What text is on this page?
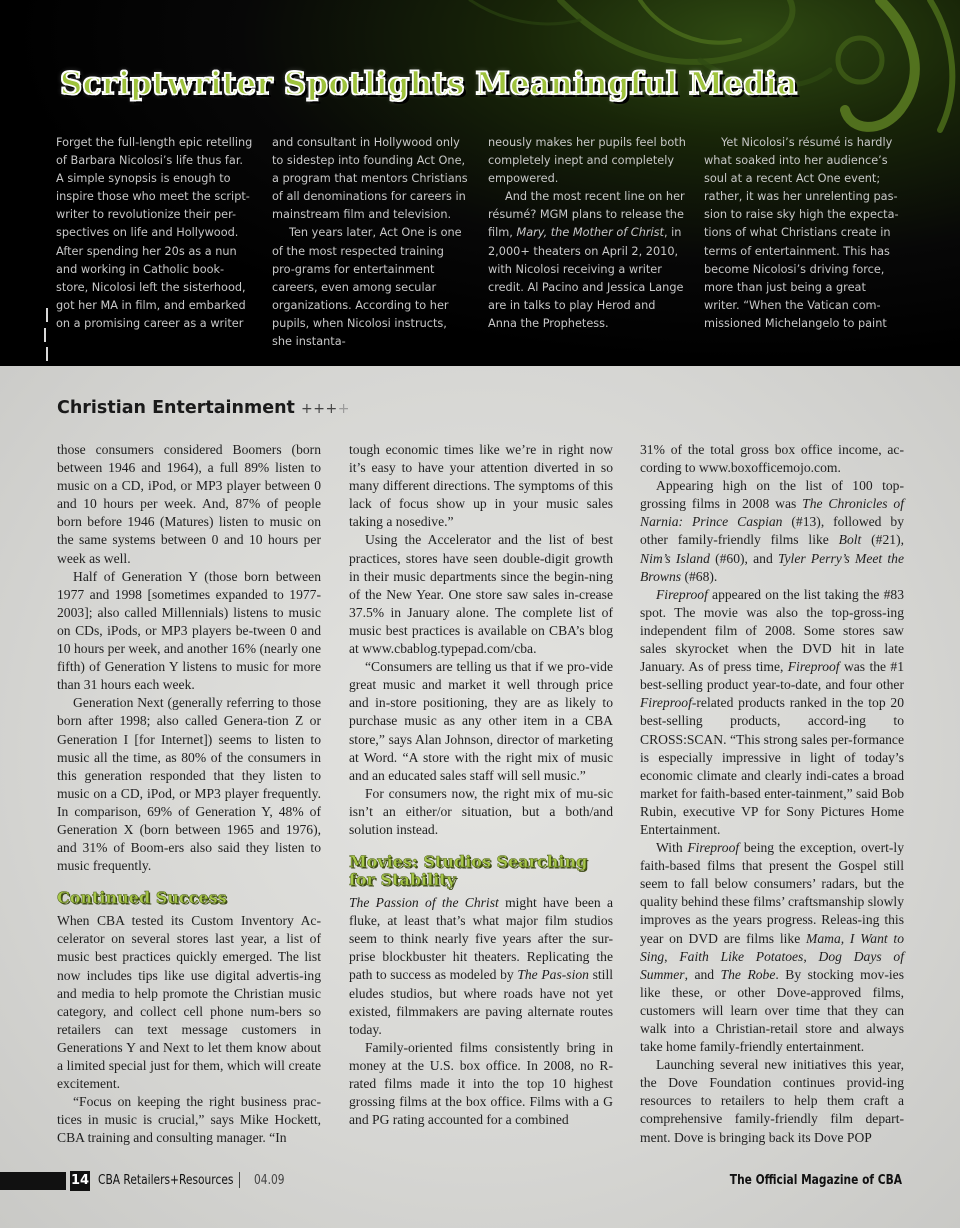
Scriptwriter Spotlights Meaningful Media

Forget the full-length epic retelling of Barbara Nicolosi’s life thus far. A simple synopsis is enough to inspire those who meet the script-writer to revolutionize their per-spectives on life and Hollywood. After spending her 20s as a nun and working in Catholic book-store, Nicolosi left the sisterhood, got her MA in film, and embarked on a promising career as a writer

and consultant in Hollywood only to sidestep into founding Act One, a program that mentors Christians of all denominations for careers in mainstream film and television.

Ten years later, Act One is one of the most respected training pro-grams for entertainment careers, even among secular organizations. According to her pupils, when Nicolosi instructs, she instanta-

neously makes her pupils feel both completely inept and completely empowered.

And the most recent line on her résumé? MGM plans to release the film, Mary, the Mother of Christ, in 2,000+ theaters on April 2, 2010, with Nicolosi receiving a writer credit. Al Pacino and Jessica Lange are in talks to play Herod and Anna the Prophetess.

Yet Nicolosi’s résumé is hardly what soaked into her audience’s soul at a recent Act One event; rather, it was her unrelenting pas-sion to raise sky high the expecta-tions of what Christians create in terms of entertainment. This has become Nicolosi’s driving force, more than just being a great writer. “When the Vatican com-missioned Michelangelo to paint

Christian Entertainment ++++

those consumers considered Boomers (born between 1946 and 1964), a full 89% listen to music on a CD, iPod, or MP3 player between 0 and 10 hours per week. And, 87% of people born before 1946 (Matures) listen to music on the same systems between 0 and 10 hours per week as well.

Half of Generation Y (those born between 1977 and 1998 [sometimes expanded to 1977-2003]; also called Millennials) listens to music on CDs, iPods, or MP3 players be-tween 0 and 10 hours per week, and another 16% (nearly one fifth) of Generation Y listens to music for more than 31 hours each week.

Generation Next (generally referring to those born after 1998; also called Genera-tion Z or Generation I [for Internet]) seems to listen to music all the time, as 80% of the consumers in this generation responded that they listen to music on a CD, iPod, or MP3 player frequently. In comparison, 69% of Generation Y, 48% of Generation X (born between 1965 and 1976), and 31% of Boom-ers also said they listen to music frequently.

Continued Success

When CBA tested its Custom Inventory Ac-celerator on several stores last year, a list of music best practices quickly emerged. The list now includes tips like use digital advertis-ing and media to help promote the Christian music category, and collect cell phone num-bers so retailers can text message customers in Generations Y and Next to let them know about a limited special just for them, which will create excitement.

“Focus on keeping the right business prac-tices in music is crucial,” says Mike Hockett, CBA training and consulting manager. “In

tough economic times like we’re in right now it’s easy to have your attention diverted in so many different directions. The symptoms of this lack of focus show up in your music sales taking a nosedive.”

Using the Accelerator and the list of best practices, stores have seen double-digit growth in their music departments since the begin-ning of the New Year. One store saw sales in-crease 37.5% in January alone. The complete list of music best practices is available on CBA’s blog at www.cbablog.typepad.com/cba.

“Consumers are telling us that if we pro-vide great music and market it well through price and in-store positioning, they are as likely to purchase music as any other item in a CBA store,” says Alan Johnson, director of marketing at Word. “A store with the right mix of music and an educated sales staff will sell music.”

For consumers now, the right mix of mu-sic isn’t an either/or situation, but a both/and solution instead.

Movies: Studios Searching for Stability

The Passion of the Christ might have been a fluke, at least that’s what major film studios seem to think nearly five years after the sur-prise blockbuster hit theaters. Replicating the path to success as modeled by The Pas-sion still eludes studios, but where roads have not yet existed, filmmakers are paving alternate routes today.

Family-oriented films consistently bring in money at the U.S. box office. In 2008, no R-rated films made it into the top 10 highest grossing films at the box office. Films with a G and PG rating accounted for a combined

31% of the total gross box office income, ac-cording to www.boxofficemojo.com.

Appearing high on the list of 100 top-grossing films in 2008 was The Chronicles of Narnia: Prince Caspian (#13), followed by other family-friendly films like Bolt (#21), Nim’s Island (#60), and Tyler Perry’s Meet the Browns (#68).

Fireproof appeared on the list taking the #83 spot. The movie was also the top-gross-ing independent film of 2008. Some stores saw sales skyrocket when the DVD hit in late January. As of press time, Fireproof was the #1 best-selling product year-to-date, and four other Fireproof-related products ranked in the top 20 best-selling products, accord-ing to CROSS:SCAN. “This strong sales per-formance is especially impressive in light of today’s economic climate and clearly indi-cates a broad market for faith-based enter-tainment,” said Bob Rubin, executive VP for Sony Pictures Home Entertainment.

With Fireproof being the exception, overt-ly faith-based films that present the Gospel still seem to fall below consumers’ radars, but the quality behind these films’ craftsmanship slowly improves as the years progress. Releas-ing this year on DVD are films like Mama, I Want to Sing, Faith Like Potatoes, Dog Days of Summer, and The Robe. By stocking mov-ies like these, or other Dove-approved films, customers will learn over time that they can walk into a Christian-retail store and always take home family-friendly entertainment.

Launching several new initiatives this year, the Dove Foundation continues provid-ing resources to retailers to help them craft a comprehensive family-friendly film depart-ment. Dove is bringing back its Dove POP

14 CBA Retailers+Resources 04.09	The Official Magazine of CBA
